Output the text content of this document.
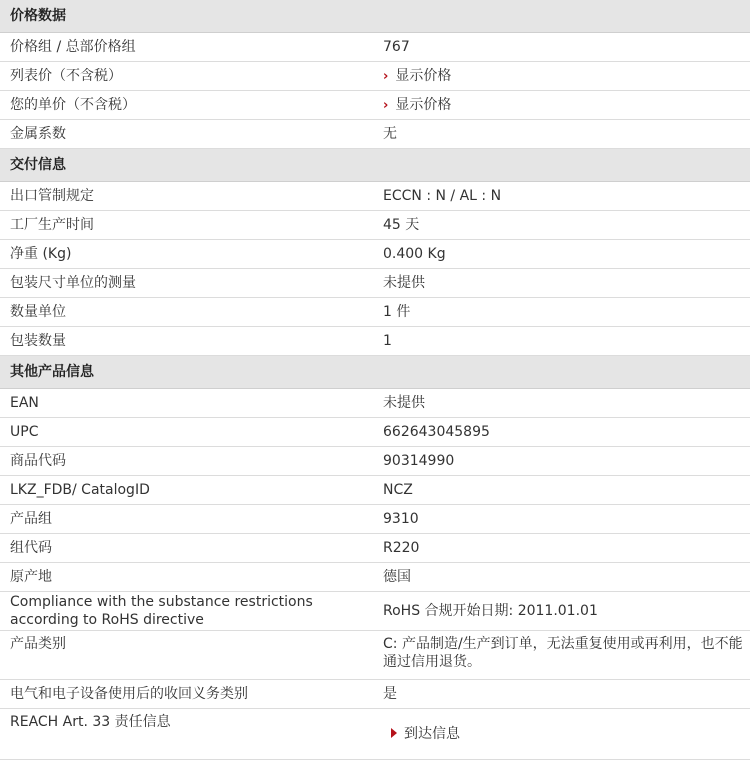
价格数据	
价格组 / 总部价格组	767
列表价（不含税）	› 显示价格
您的单价（不含税）	› 显示价格
金属系数	无
交付信息	
出口管制规定	ECCN : N / AL : N
工厂生产时间	45 天
净重 (Kg)	0.400 Kg
包装尺寸单位的测量	未提供
数量单位	1 件
包装数量	1
其他产品信息	
EAN	未提供
UPC	662643045895
商品代码	90314990
LKZ_FDB/ CatalogID	NCZ
产品组	9310
组代码	R220
原产地	德国
Compliance with the substance restrictions according to RoHS directive	RoHS 合规开始日期: 2011.01.01
产品类别	C: 产品制造/生产到订单，无法重复使用或再利用，也不能通过信用退货。
电气和电子设备使用后的收回义务类别	是
REACH Art. 33 责任信息	到达信息
